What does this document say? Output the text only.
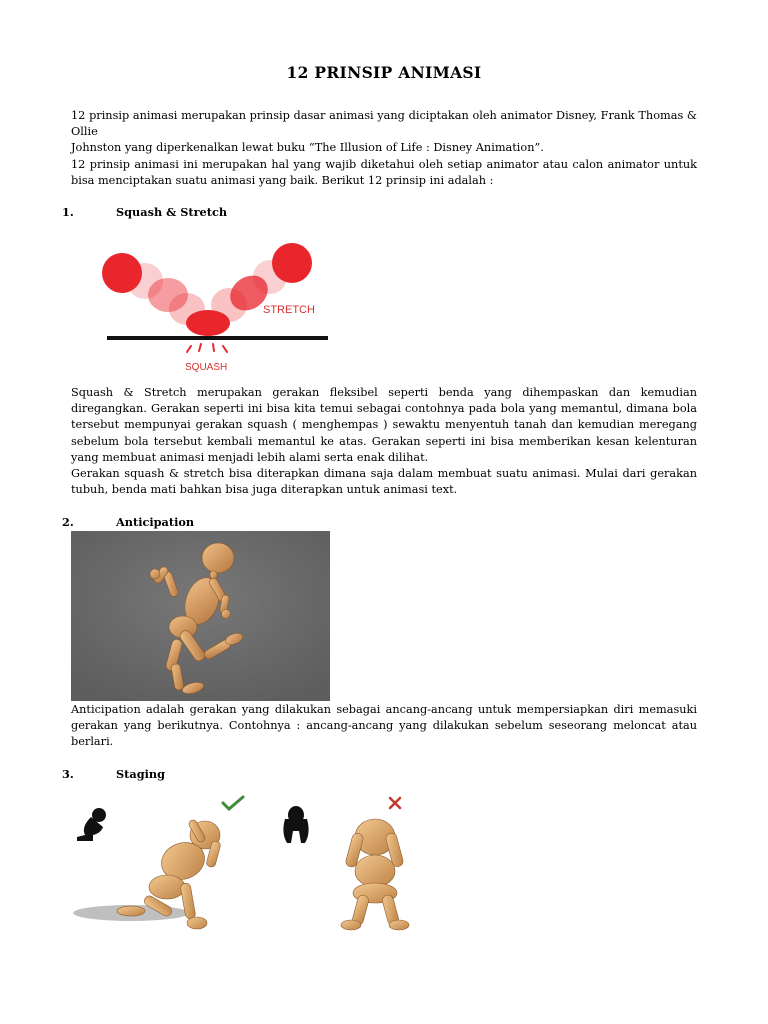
12 PRINSIP ANIMASI

12 prinsip animasi merupakan prinsip dasar animasi yang diciptakan oleh animator Disney, Frank Thomas & Ollie

Johnston yang diperkenalkan lewat buku “The Illusion of Life : Disney Animation”.

12 prinsip animasi ini merupakan hal yang wajib diketahui oleh setiap animator atau calon animator untuk bisa menciptakan suatu animasi yang baik. Berikut 12 prinsip ini adalah :

1.	Squash & Stretch
STRETCH
SQUASH

Squash & Stretch merupakan gerakan fleksibel seperti benda yang dihempaskan dan kemudian diregangkan. Gerakan seperti ini bisa kita temui sebagai contohnya pada bola yang memantul, dimana bola tersebut mempunyai gerakan squash ( menghempas ) sewaktu menyentuh tanah dan kemudian meregang sebelum bola tersebut kembali memantul ke atas. Gerakan seperti ini bisa memberikan kesan kelenturan yang membuat animasi menjadi lebih alami serta enak dilihat.

Gerakan squash & stretch bisa diterapkan dimana saja dalam membuat suatu animasi. Mulai dari gerakan tubuh, benda mati bahkan bisa juga diterapkan untuk animasi text.

2.	Anticipation

Anticipation adalah gerakan yang dilakukan sebagai ancang-ancang untuk mempersiapkan diri memasuki gerakan yang berikutnya. Contohnya : ancang-ancang yang dilakukan sebelum seseorang meloncat atau berlari.

3.	Staging
